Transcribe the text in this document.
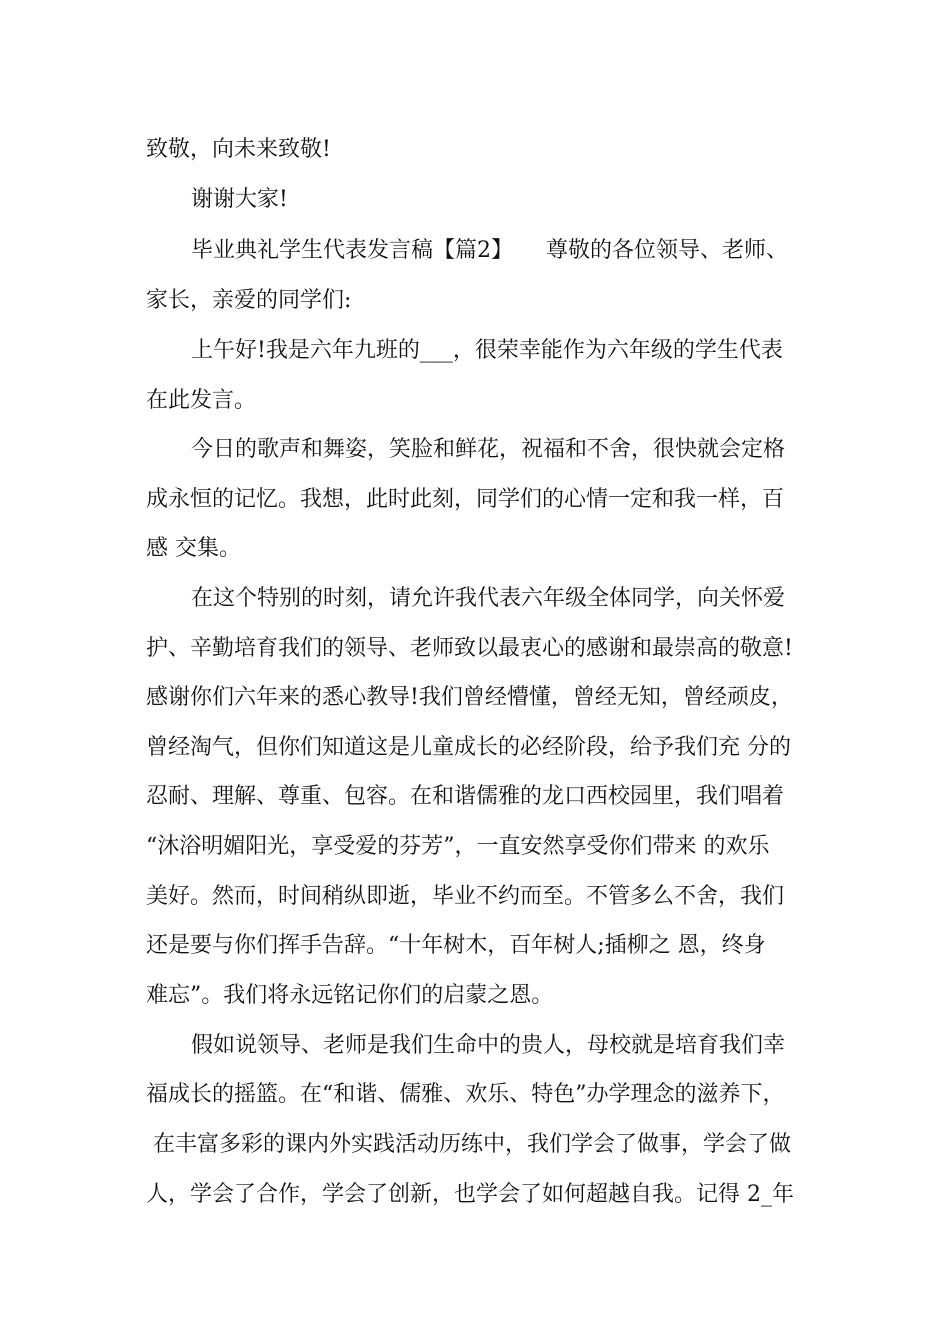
致敬，向未来致敬!
谢谢大家!
毕业典礼学生代表发言稿【篇2】　　尊敬的各位领导、老师、
家长，亲爱的同学们:
上午好!我是六年九班的___，很荣幸能作为六年级的学生代表
在此发言。
今日的歌声和舞姿，笑脸和鲜花，祝福和不舍，很快就会定格
成永恒的记忆。我想，此时此刻，同学们的心情一定和我一样，百
感 交集。
在这个特别的时刻，请允许我代表六年级全体同学，向关怀爱
护、辛勤培育我们的领导、老师致以最衷心的感谢和最崇高的敬意!
感谢你们六年来的悉心教导!我们曾经懵懂，曾经无知，曾经顽皮，
曾经淘气，但你们知道这是儿童成长的必经阶段，给予我们充 分的
忍耐、理解、尊重、包容。在和谐儒雅的龙口西校园里，我们唱着
“沐浴明媚阳光，享受爱的芬芳”，一直安然享受你们带来 的欢乐
美好。然而，时间稍纵即逝，毕业不约而至。不管多么不舍，我们
还是要与你们挥手告辞。“十年树木，百年树人;插柳之 恩，终身
难忘”。我们将永远铭记你们的启蒙之恩。
假如说领导、老师是我们生命中的贵人，母校就是培育我们幸
福成长的摇篮。在“和谐、儒雅、欢乐、特色”办学理念的滋养下，
在丰富多彩的课内外实践活动历练中，我们学会了做事，学会了做
人，学会了合作，学会了创新，也学会了如何超越自我。记得 2_年
